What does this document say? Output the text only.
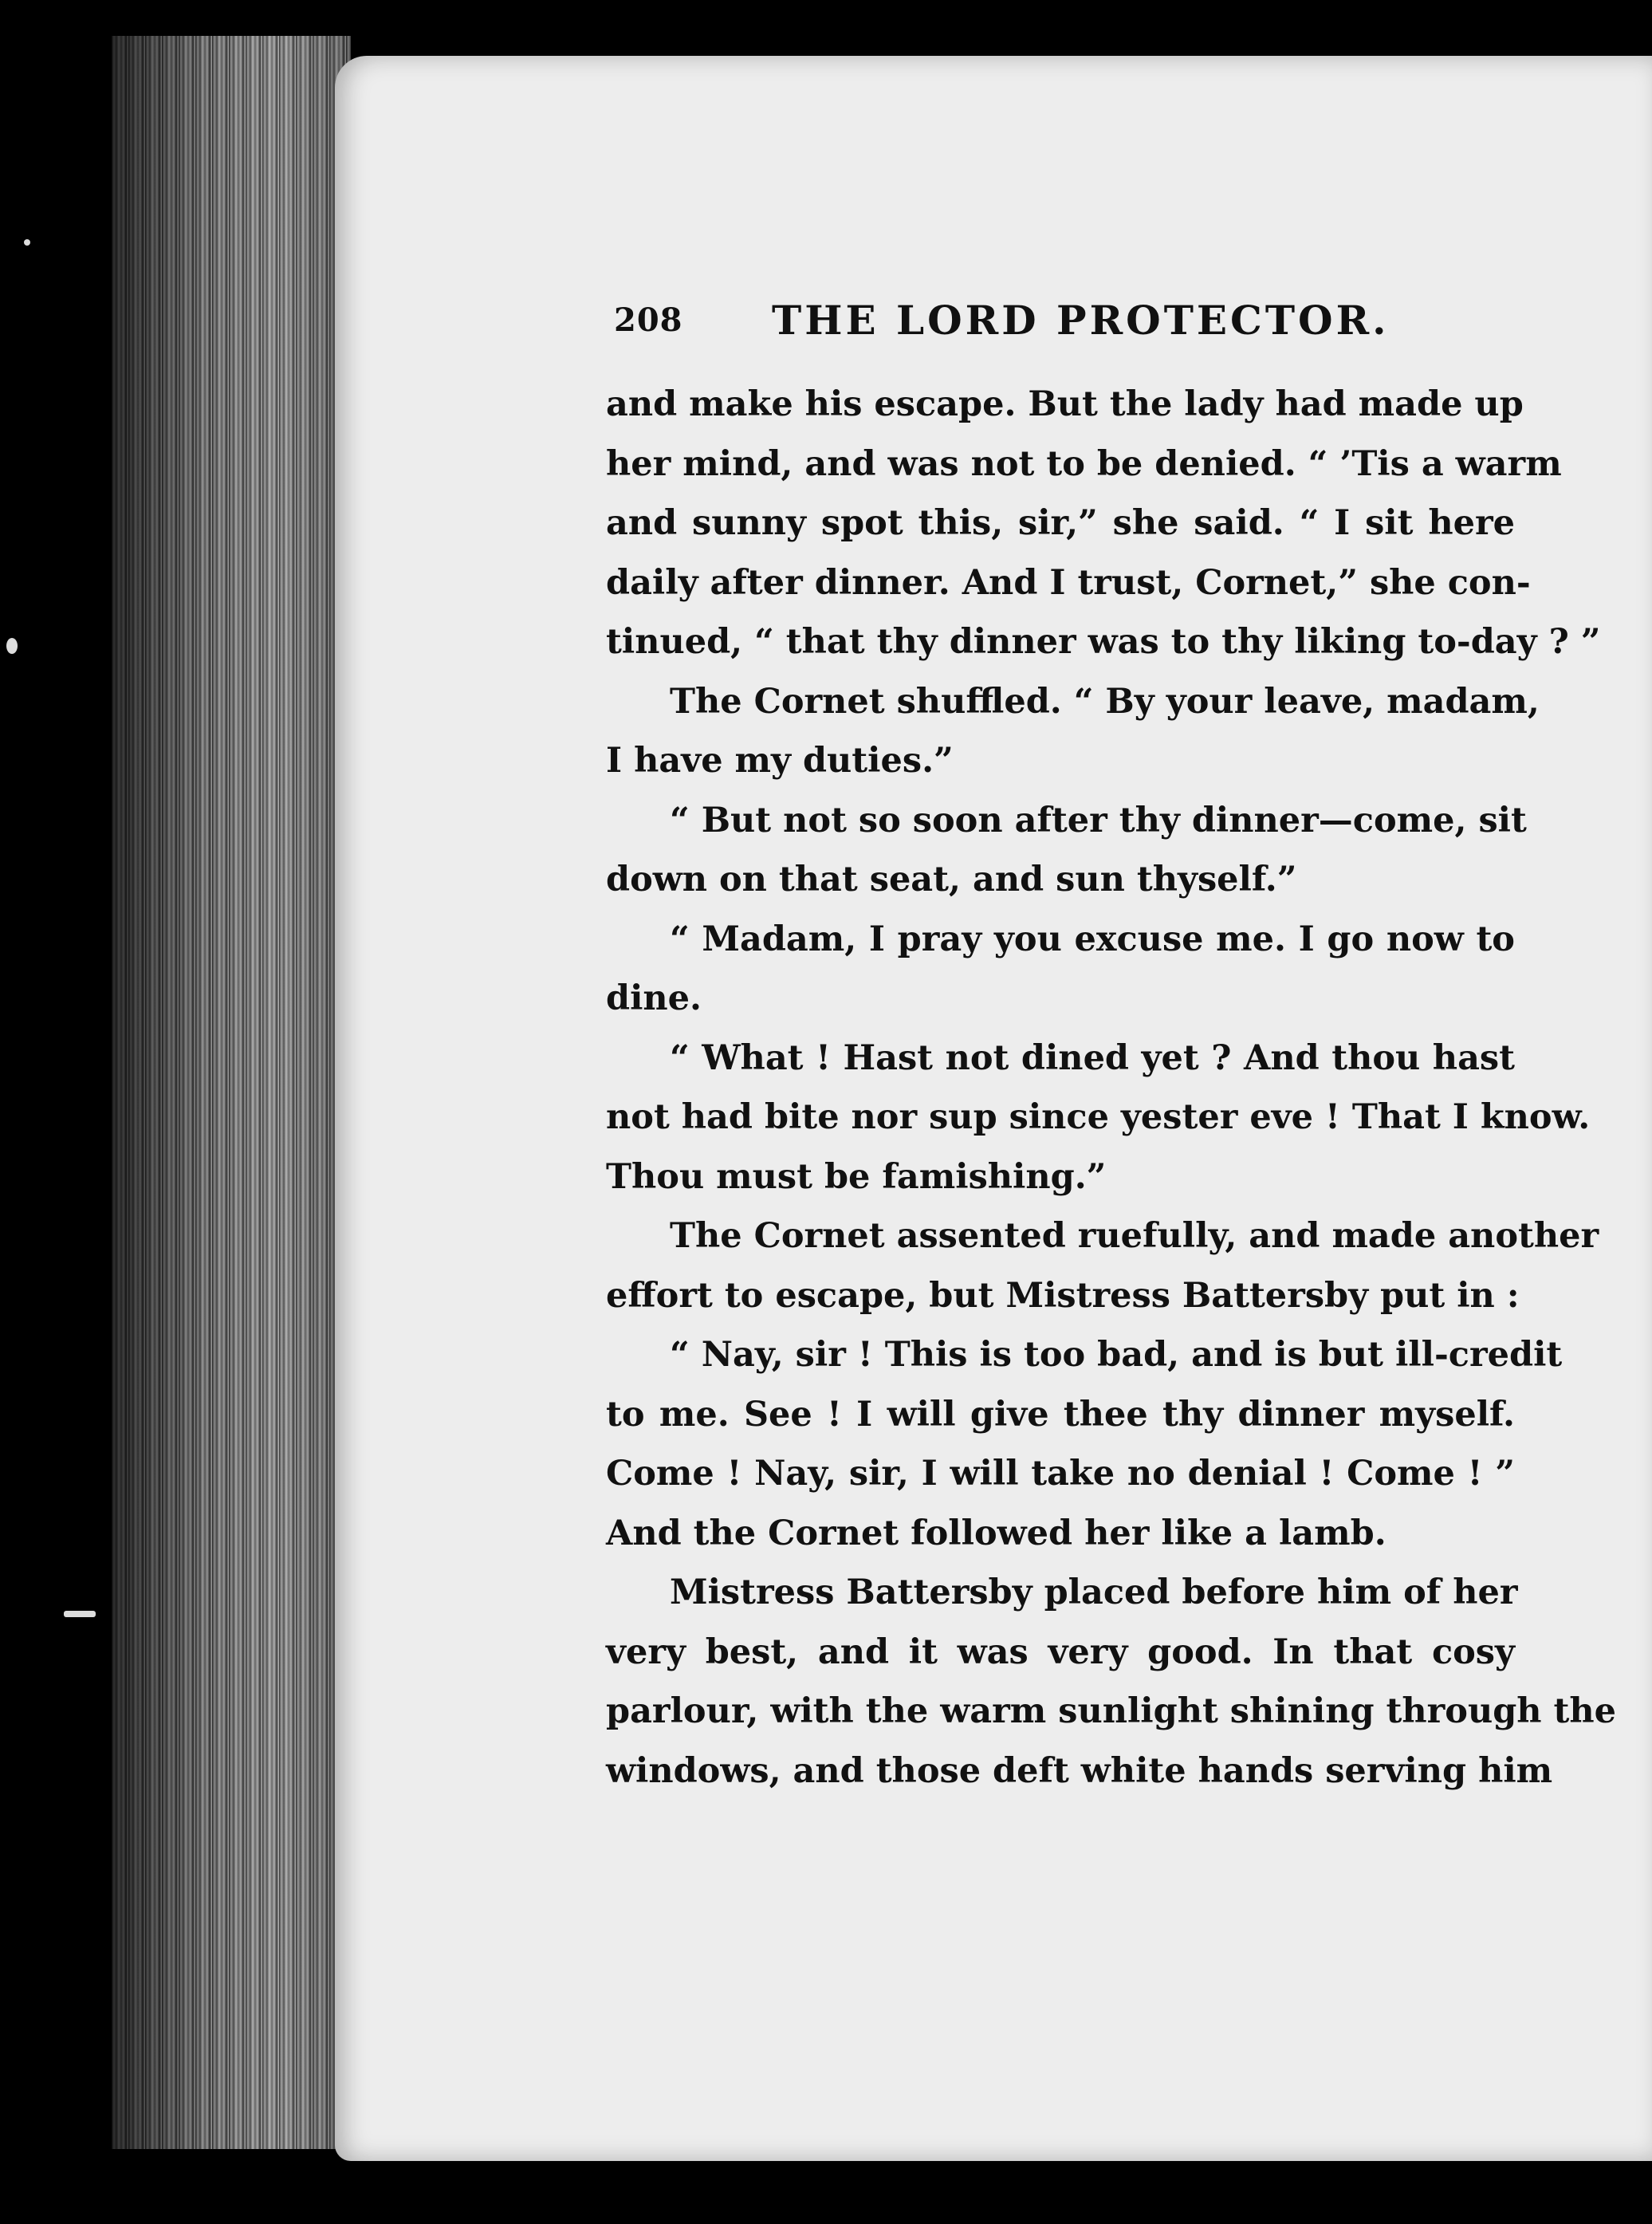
208 THE LORD PROTECTOR.
and make his escape. But the lady had made up
her mind, and was not to be denied. “ ’Tis a warm
and sunny spot this, sir,” she said. “ I sit here
daily after dinner. And I trust, Cornet,” she con-
tinued, “ that thy dinner was to thy liking to-day ? ”
The Cornet shuffled. “ By your leave, madam,
I have my duties.”
“ But not so soon after thy dinner—come, sit
down on that seat, and sun thyself.”
“ Madam, I pray you excuse me. I go now to
dine.
“ What ! Hast not dined yet ? And thou hast
not had bite nor sup since yester eve ! That I know.
Thou must be famishing.”
The Cornet assented ruefully, and made another
effort to escape, but Mistress Battersby put in :
“ Nay, sir ! This is too bad, and is but ill-credit
to me. See ! I will give thee thy dinner myself.
Come ! Nay, sir, I will take no denial ! Come ! ”
And the Cornet followed her like a lamb.
Mistress Battersby placed before him of her
very best, and it was very good. In that cosy
parlour, with the warm sunlight shining through the
windows, and those deft white hands serving him
